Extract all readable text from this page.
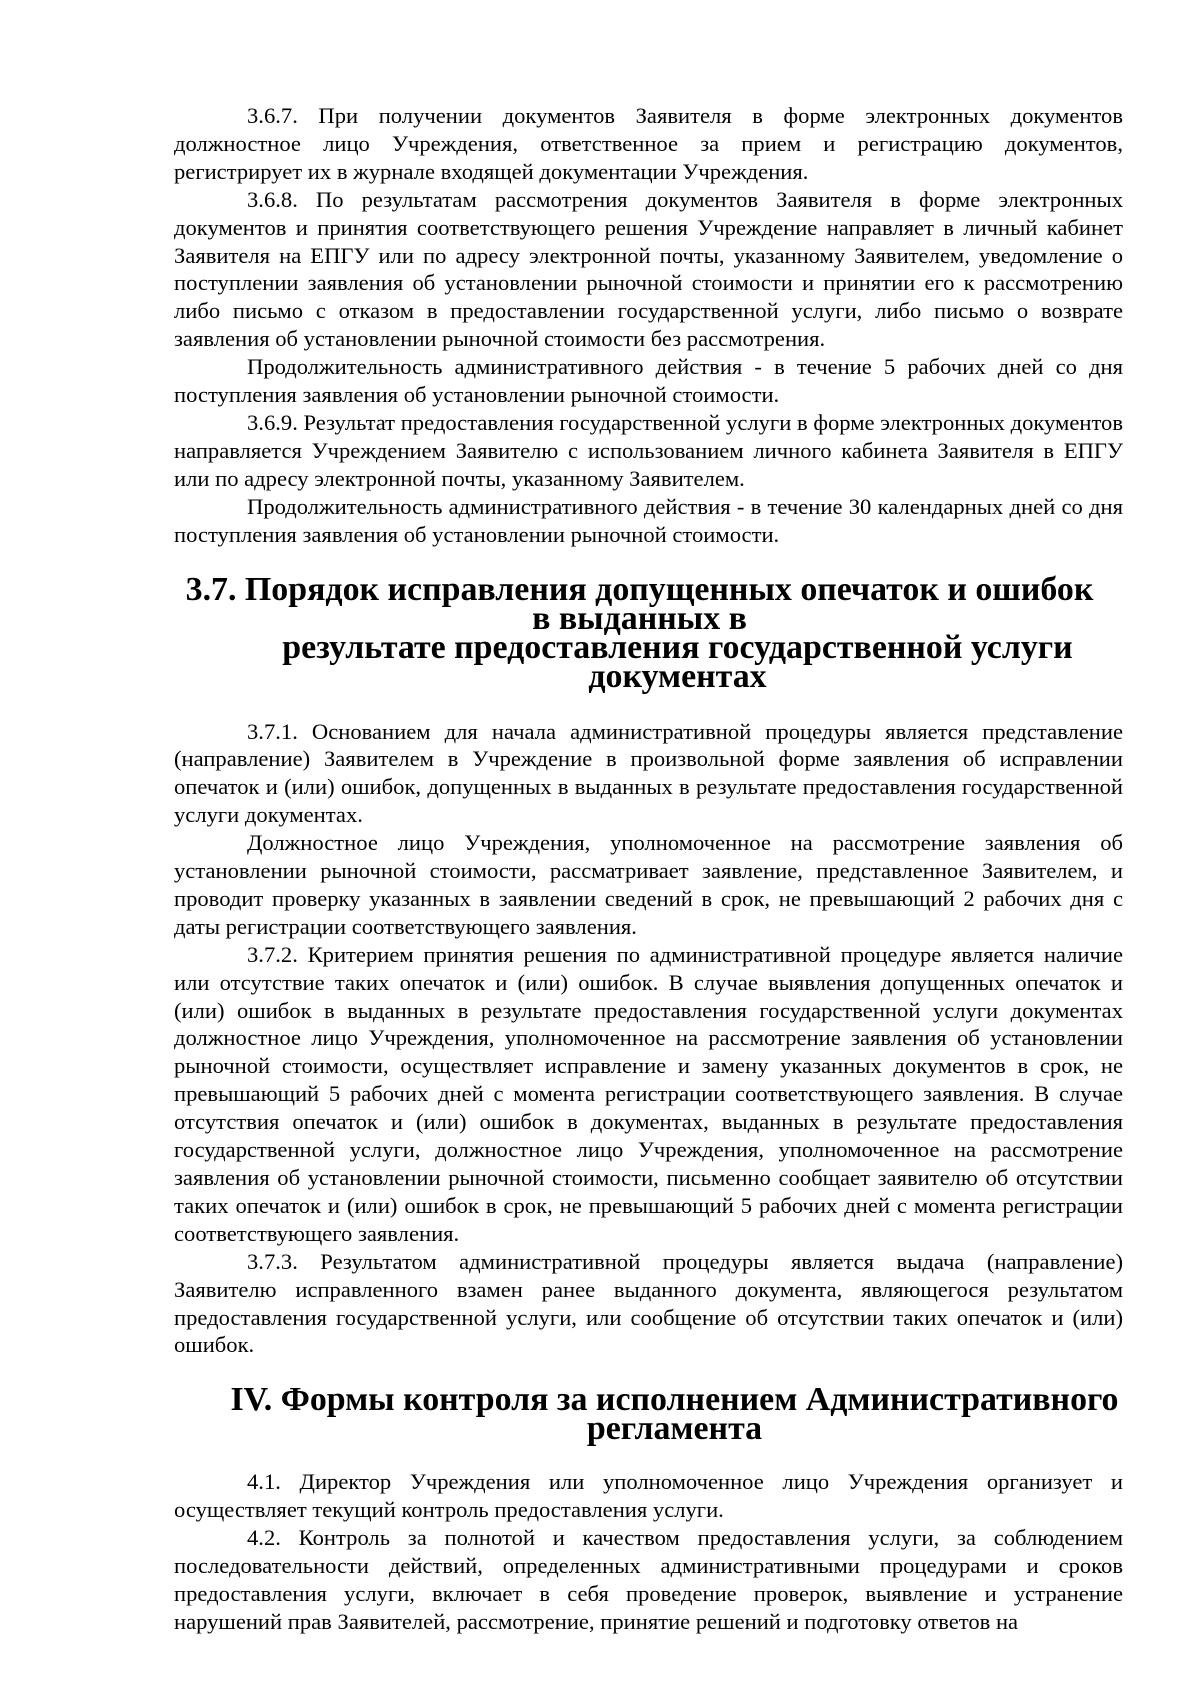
3.6.7. При получении документов Заявителя в форме электронных документов должностное лицо Учреждения, ответственное за прием и регистрацию документов, регистрирует их в журнале входящей документации Учреждения.

3.6.8. По результатам рассмотрения документов Заявителя в форме электронных документов и принятия соответствующего решения Учреждение направляет в личный кабинет Заявителя на ЕПГУ или по адресу электронной почты, указанному Заявителем, уведомление о поступлении заявления об установлении рыночной стоимости и принятии его к рассмотрению либо письмо с отказом в предоставлении государственной услуги, либо письмо о возврате заявления об установлении рыночной стоимости без рассмотрения.

Продолжительность административного действия - в течение 5 рабочих дней со дня поступления заявления об установлении рыночной стоимости.

3.6.9. Результат предоставления государственной услуги в форме электронных документов направляется Учреждением Заявителю с использованием личного кабинета Заявителя в ЕПГУ или по адресу электронной почты, указанному Заявителем.

Продолжительность административного действия - в течение 30 календарных дней со дня поступления заявления об установлении рыночной стоимости.

3.7. Порядок исправления допущенных опечаток и ошибок в выданных в
результате предоставления государственной услуги документах

3.7.1. Основанием для начала административной процедуры является представление (направление) Заявителем в Учреждение в произвольной форме заявления об исправлении опечаток и (или) ошибок, допущенных в выданных в результате предоставления государственной услуги документах.

Должностное лицо Учреждения, уполномоченное на рассмотрение заявления об установлении рыночной стоимости, рассматривает заявление, представленное Заявителем, и проводит проверку указанных в заявлении сведений в срок, не превышающий 2 рабочих дня с даты регистрации соответствующего заявления.

3.7.2. Критерием принятия решения по административной процедуре является наличие или отсутствие таких опечаток и (или) ошибок. В случае выявления допущенных опечаток и (или) ошибок в выданных в результате предоставления государственной услуги документах должностное лицо Учреждения, уполномоченное на рассмотрение заявления об установлении рыночной стоимости, осуществляет исправление и замену указанных документов в срок, не превышающий 5 рабочих дней с момента регистрации соответствующего заявления. В случае отсутствия опечаток и (или) ошибок в документах, выданных в результате предоставления государственной услуги, должностное лицо Учреждения, уполномоченное на рассмотрение заявления об установлении рыночной стоимости, письменно сообщает заявителю об отсутствии таких опечаток и (или) ошибок в срок, не превышающий 5 рабочих дней с момента регистрации соответствующего заявления.

3.7.3. Результатом административной процедуры является выдача (направление) Заявителю исправленного взамен ранее выданного документа, являющегося результатом предоставления государственной услуги, или сообщение об отсутствии таких опечаток и (или) ошибок.

IV. Формы контроля за исполнением Административного регламента

4.1. Директор Учреждения или уполномоченное лицо Учреждения организует и осуществляет текущий контроль предоставления услуги.

4.2. Контроль за полнотой и качеством предоставления услуги, за соблюдением последовательности действий, определенных административными процедурами и сроков предоставления услуги, включает в себя проведение проверок, выявление и устранение нарушений прав Заявителей, рассмотрение, принятие решений и подготовку ответов на
